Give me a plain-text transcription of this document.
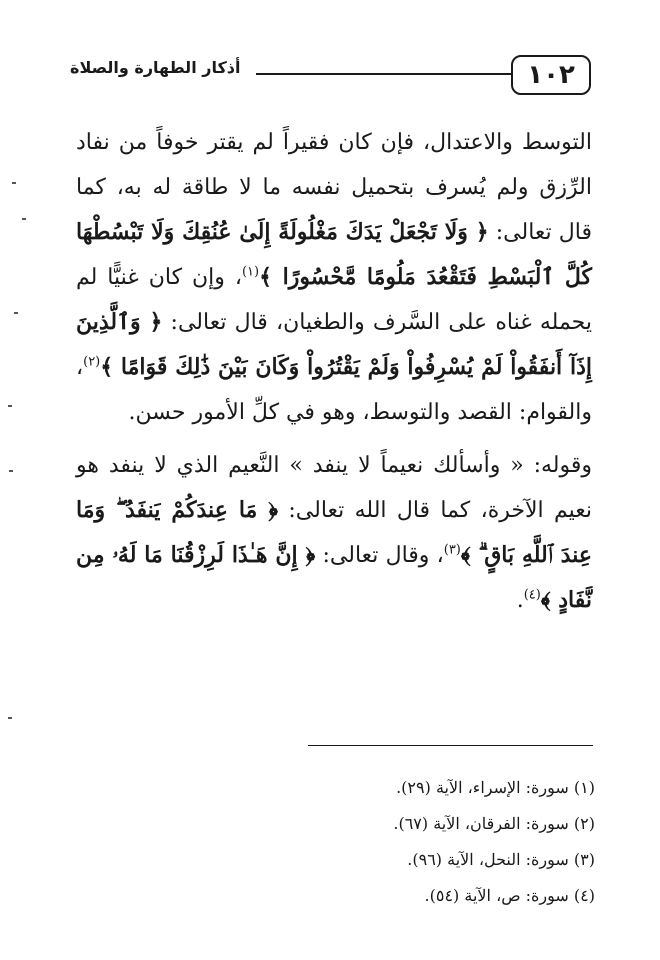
١٠٢
أذكار الطهارة والصلاة

التوسط والاعتدال، فإن كان فقيراً لم يقتر خوفاً من نفاد الرِّزق ولم يُسرف بتحميل نفسه ما لا طاقة له به، كما قال تعالى: ﴿ وَلَا تَجْعَلْ يَدَكَ مَغْلُولَةً إِلَىٰ عُنُقِكَ وَلَا تَبْسُطْهَا كُلَّ ٱلْبَسْطِ فَتَقْعُدَ مَلُومًا مَّحْسُورًا ﴾$^{(١)}$، وإن كان غنيًّا لم يحمله غناه على السَّرف والطغيان، قال تعالى: ﴿ وَٱلَّذِينَ إِذَآ أَنفَقُواْ لَمْ يُسْرِفُواْ وَلَمْ يَقْتُرُواْ وَكَانَ بَيْنَ ذَٰلِكَ قَوَامًا ﴾$^{(٢)}$، والقوام: القصد والتوسط، وهو في كلِّ الأمور حسن.

وقوله: « وأسألك نعيماً لا ينفد » النَّعيم الذي لا ينفد هو نعيم الآخرة، كما قال الله تعالى: ﴿ مَا عِندَكُمْ يَنفَدُ ۖ وَمَا عِندَ ٱللَّهِ بَاقٍ ۗ ﴾$^{(٣)}$، وقال تعالى: ﴿ إِنَّ هَـٰذَا لَرِزْقُنَا مَا لَهُۥ مِن نَّفَادٍ ﴾$^{(٤)}$.

(١) سورة: الإسراء، الآية (٢٩).

(٢) سورة: الفرقان، الآية (٦٧).

(٣) سورة: النحل، الآية (٩٦).

(٤) سورة: ص، الآية (٥٤).
